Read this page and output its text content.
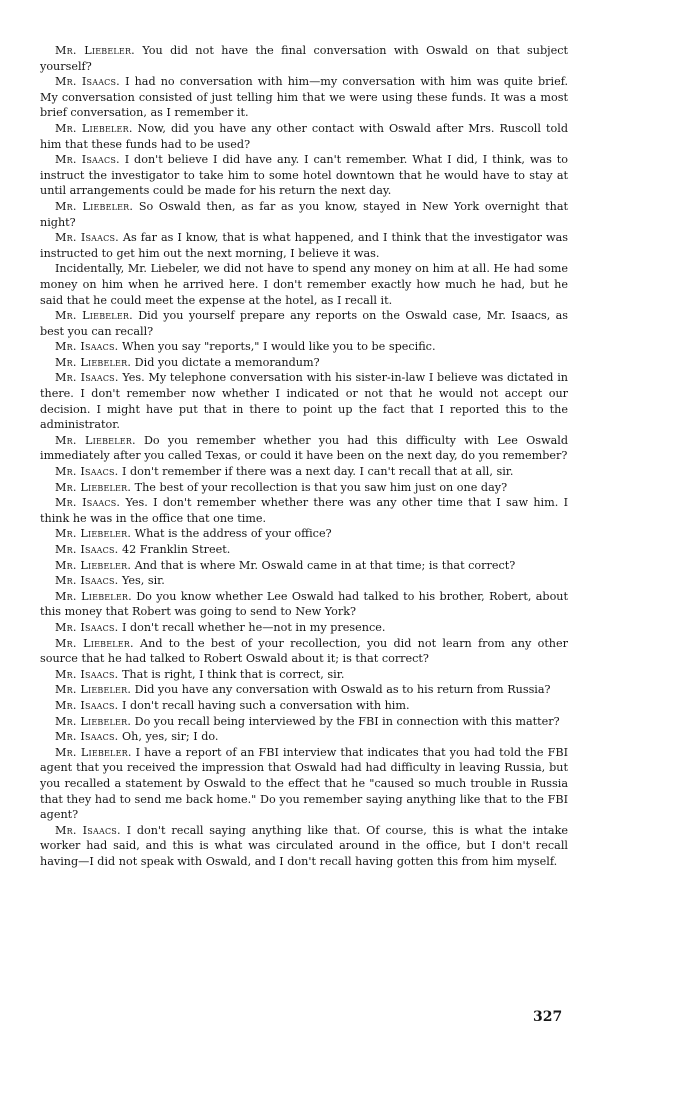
Mr. Liebeler. You did not have the final conversation with Oswald on that subject yourself?

Mr. Isaacs. I had no conversation with him—my conversation with him was quite brief. My conversation consisted of just telling him that we were using these funds. It was a most brief conversation, as I remember it.

Mr. Liebeler. Now, did you have any other contact with Oswald after Mrs. Ruscoll told him that these funds had to be used?

Mr. Isaacs. I don't believe I did have any. I can't remember. What I did, I think, was to instruct the investigator to take him to some hotel downtown that he would have to stay at until arrangements could be made for his return the next day.

Mr. Liebeler. So Oswald then, as far as you know, stayed in New York overnight that night?

Mr. Isaacs. As far as I know, that is what happened, and I think that the investigator was instructed to get him out the next morning, I believe it was.

Incidentally, Mr. Liebeler, we did not have to spend any money on him at all. He had some money on him when he arrived here. I don't remember exactly how much he had, but he said that he could meet the expense at the hotel, as I recall it.

Mr. Liebeler. Did you yourself prepare any reports on the Oswald case, Mr. Isaacs, as best you can recall?

Mr. Isaacs. When you say "reports," I would like you to be specific.

Mr. Liebeler. Did you dictate a memorandum?

Mr. Isaacs. Yes. My telephone conversation with his sister-in-law I believe was dictated in there. I don't remember now whether I indicated or not that he would not accept our decision. I might have put that in there to point up the fact that I reported this to the administrator.

Mr. Liebeler. Do you remember whether you had this difficulty with Lee Oswald immediately after you called Texas, or could it have been on the next day, do you remember?

Mr. Isaacs. I don't remember if there was a next day. I can't recall that at all, sir.

Mr. Liebeler. The best of your recollection is that you saw him just on one day?

Mr. Isaacs. Yes. I don't remember whether there was any other time that I saw him. I think he was in the office that one time.

Mr. Liebeler. What is the address of your office?

Mr. Isaacs. 42 Franklin Street.

Mr. Liebeler. And that is where Mr. Oswald came in at that time; is that correct?

Mr. Isaacs. Yes, sir.

Mr. Liebeler. Do you know whether Lee Oswald had talked to his brother, Robert, about this money that Robert was going to send to New York?

Mr. Isaacs. I don't recall whether he—not in my presence.

Mr. Liebeler. And to the best of your recollection, you did not learn from any other source that he had talked to Robert Oswald about it; is that correct?

Mr. Isaacs. That is right, I think that is correct, sir.

Mr. Liebeler. Did you have any conversation with Oswald as to his return from Russia?

Mr. Isaacs. I don't recall having such a conversation with him.

Mr. Liebeler. Do you recall being interviewed by the FBI in connection with this matter?

Mr. Isaacs. Oh, yes, sir; I do.

Mr. Liebeler. I have a report of an FBI interview that indicates that you had told the FBI agent that you received the impression that Oswald had had difficulty in leaving Russia, but you recalled a statement by Oswald to the effect that he "caused so much trouble in Russia that they had to send me back home." Do you remember saying anything like that to the FBI agent?

Mr. Isaacs. I don't recall saying anything like that. Of course, this is what the intake worker had said, and this is what was circulated around in the office, but I don't recall having—I did not speak with Oswald, and I don't recall having gotten this from him myself.

327
